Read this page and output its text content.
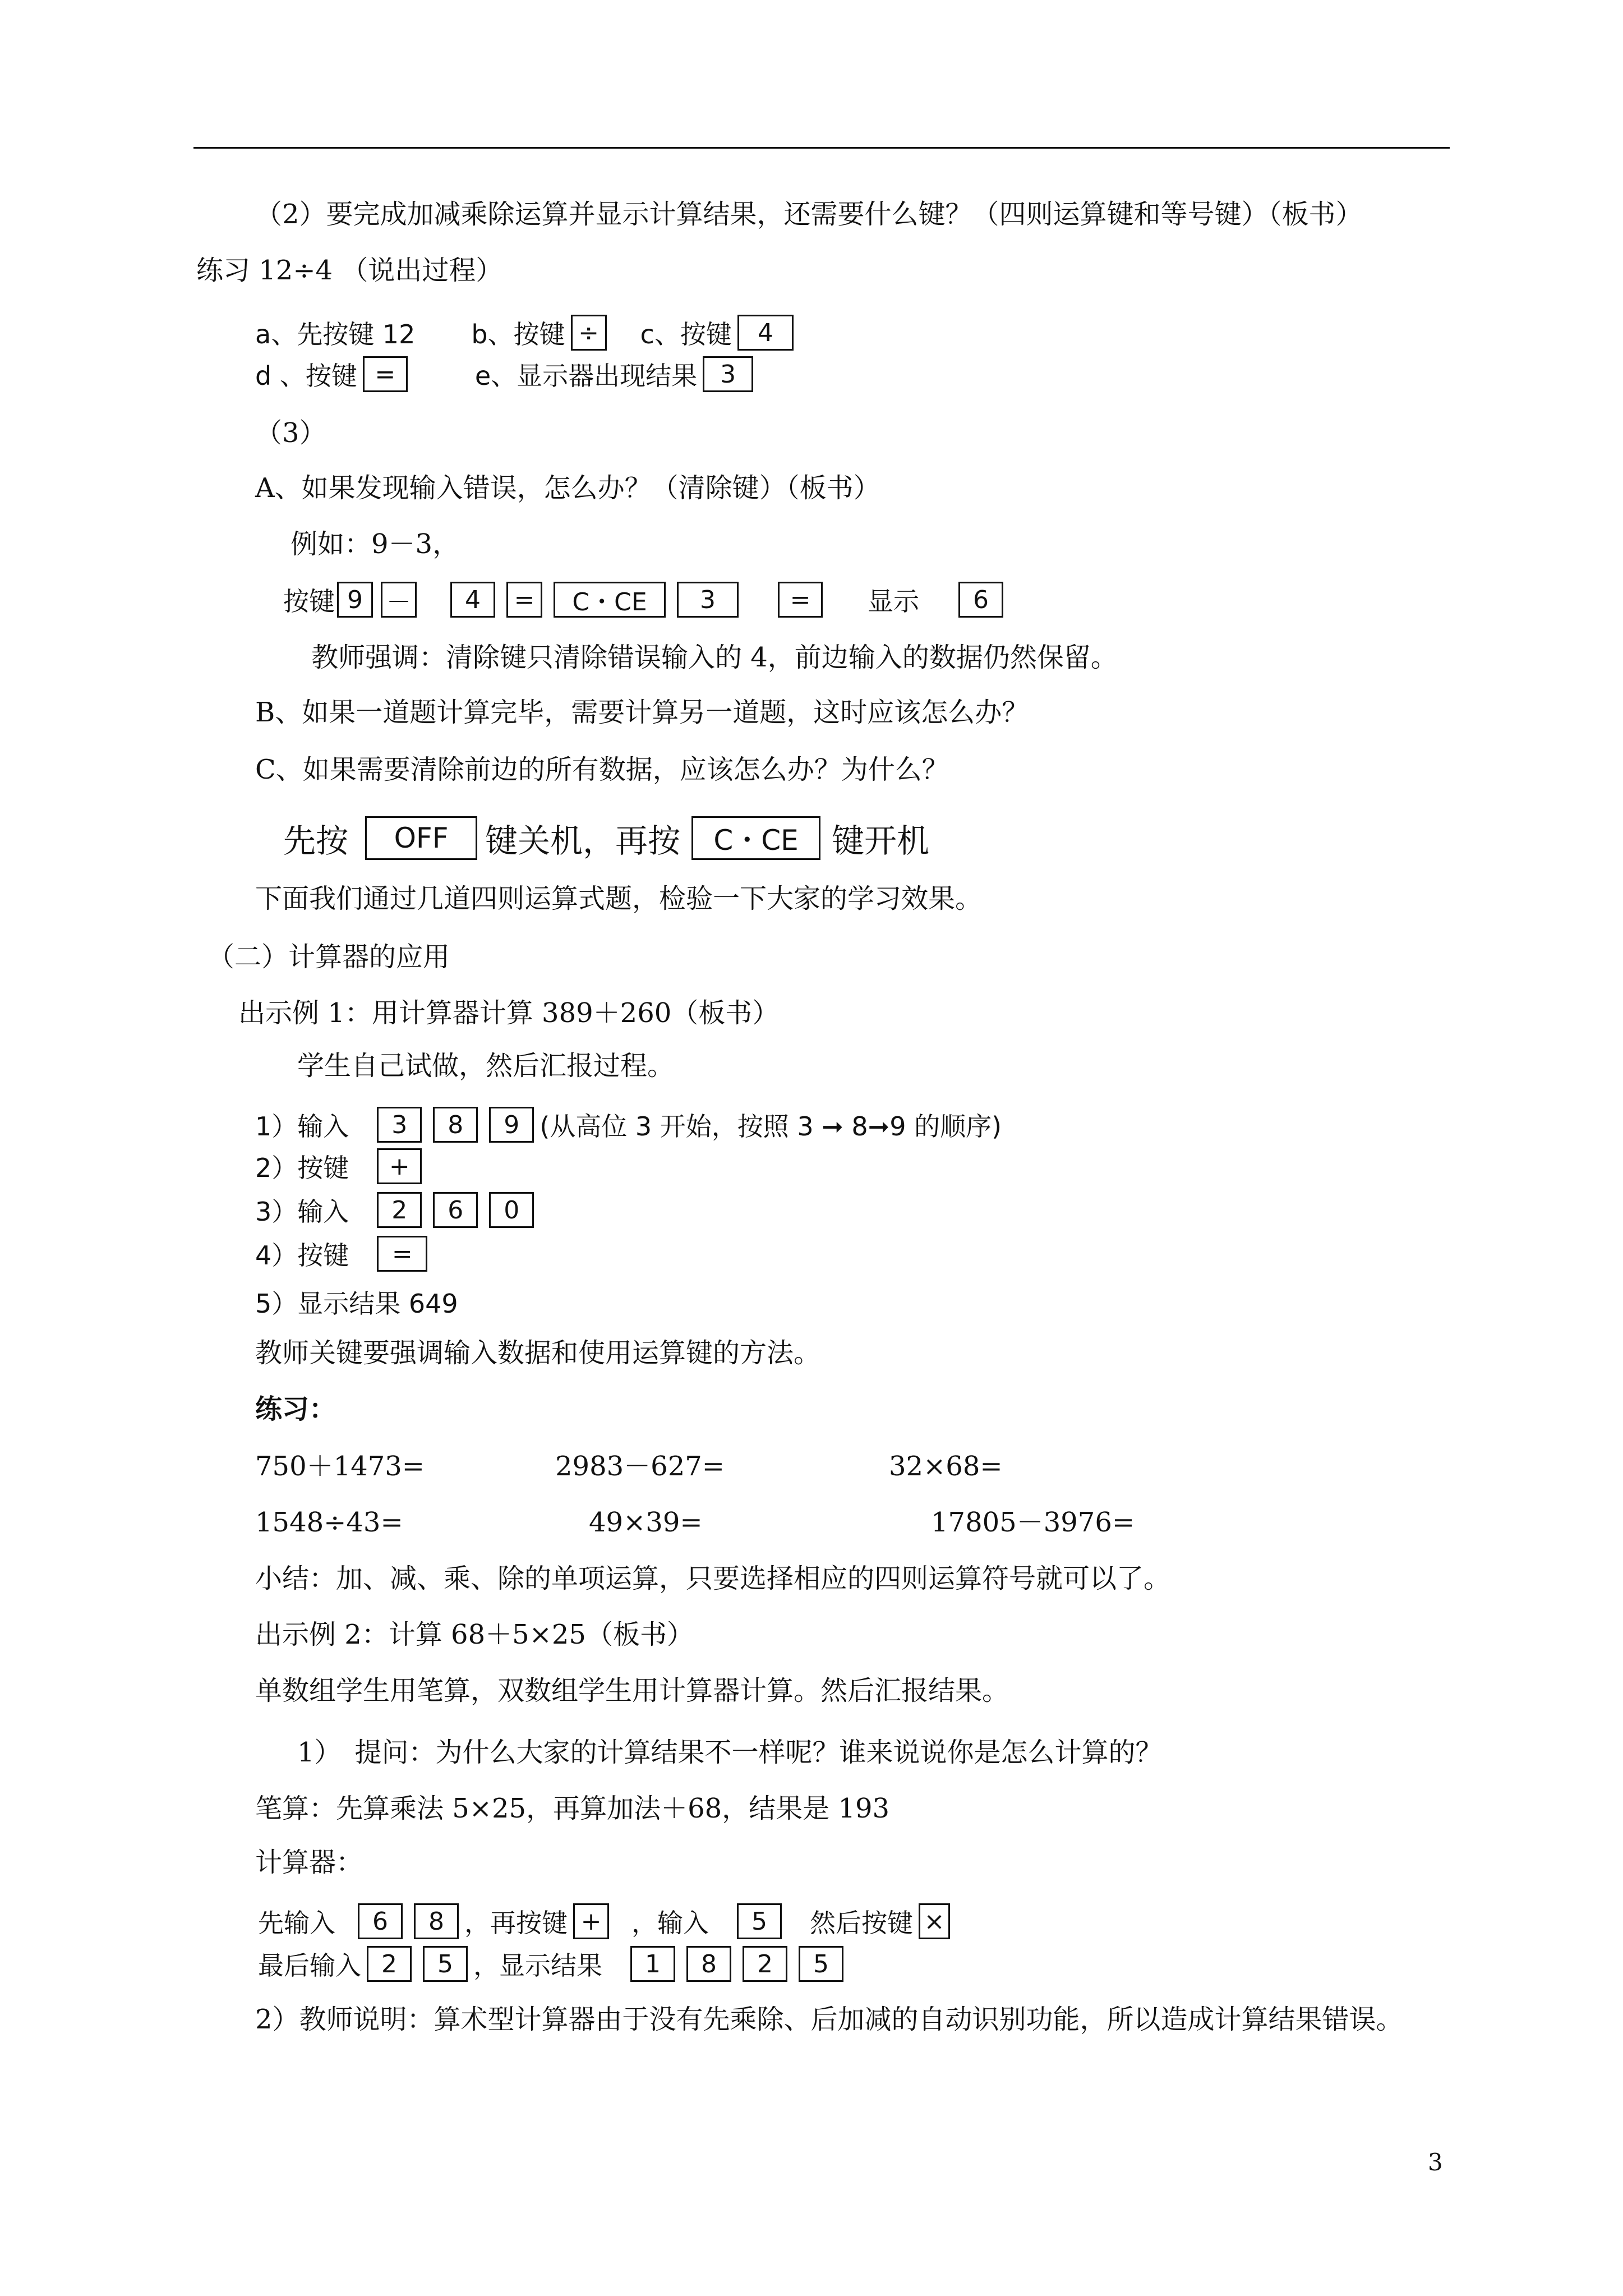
（2）要完成加减乘除运算并显示计算结果，还需要什么键？（四则运算键和等号键）（板书）
练习 12÷4 （说出过程）
a、先按键 12 b、按键 ÷ c、按键	4
d 、按键 =	e、显示器出现结果 3
（3）
A、如果发现输入错误，怎么办？（清除键）（板书）
例如：9－3，
按键 9 －	4	=	C・CE	3	=	显示	6
教师强调：清除键只清除错误输入的 4，前边输入的数据仍然保留。
B、如果一道题计算完毕，需要计算另一道题，这时应该怎么办？
C、如果需要清除前边的所有数据，应该怎么办？为什么？
先按	OFF	键关机，再按	C・CE	键开机
下面我们通过几道四则运算式题，检验一下大家的学习效果。
（二）计算器的应用
出示例 1：用计算器计算 389＋260（板书）
学生自己试做，然后汇报过程。
1）输入	3	8	9 (从高位 3 开始，按照 3 ➞ 8➞9 的顺序)
2）按键	+
3）输入	2	6	0
4）按键	=
5）显示结果 649
教师关键要强调输入数据和使用运算键的方法。
练习：
750＋1473=	2983－627=	32×68=
1548÷43=	49×39=	17805－3976=
小结：加、减、乘、除的单项运算，只要选择相应的四则运算符号就可以了。
出示例 2：计算 68＋5×25（板书）
单数组学生用笔算，双数组学生用计算器计算。然后汇报结果。
1）　提问：为什么大家的计算结果不一样呢？谁来说说你是怎么计算的？
笔算：先算乘法 5×25，再算加法＋68，结果是 193
计算器：
先输入	6	8 ，再按键 + ，输入	5	然后按键 ×
最后输入 2	5 ，显示结果	1	8	2	5
2）教师说明：算术型计算器由于没有先乘除、后加减的自动识别功能，所以造成计算结果错误。
3
